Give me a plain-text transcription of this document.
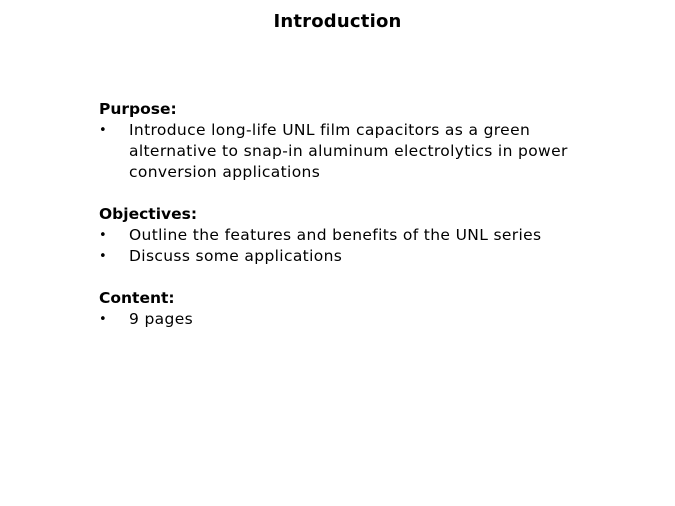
Introduction
Purpose:
• Introduce long-life UNL film capacitors as a green alternative to snap-in aluminum electrolytics in power conversion applications
Objectives:
• Outline the features and benefits of the UNL series
• Discuss some applications
Content:
• 9 pages
